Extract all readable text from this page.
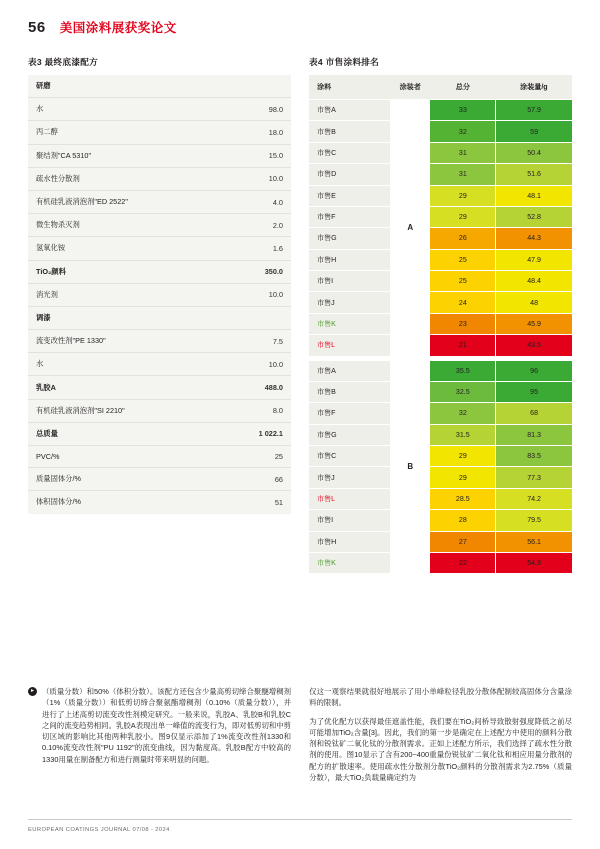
56 美国涂料展获奖论文
表3 最终底漆配方
研磨	
水	98.0
丙二醇	18.0
聚结剂"CA 5310"	15.0
疏水性分散剂	10.0
有机硅乳液消泡剂"ED 2522"	4.0
微生物杀灭剂	2.0
氢氧化铵	1.6
TiO₂颜料	350.0
消光剂	10.0
调漆	
流变改性剂"PE 1330"	7.5
水	10.0
乳胶A	488.0
有机硅乳液消泡剂"SI 2210"	8.0
总质量	1 022.1
PVC/%	25
质量固体分/%	66
体积固体分/%	51
表4 市售涂料排名
涂料	涂装者	总分	涂装量/g
市售A	A	33	57.9
市售B		32	59
市售C		31	50.4
市售D		31	51.6
市售E		29	48.1
市售F		29	52.8
市售G		26	44.3
市售H		25	47.9
市售I		25	48.4
市售J		24	48
市售K		23	45.9
市售L		21	43.6

市售A	B	35.5	96
市售B		32.5	95
市售F		32	68
市售G		31.5	81.3
市售C		29	83.5
市售J		29	77.3
市售L		28.5	74.2
市售I		28	79.5
市售H		27	56.1
市售K		22	54.9
▸	（质量分数）和50%（体积分数）。该配方还包含少量高剪切缔合聚醚增稠剂（1%（质量分数））和低剪切缔合聚氨酯增稠剂（0.10%（质量分数）），并进行了上述高剪切流变改性剂模定研究。一般来说，乳胶A、乳胶B和乳胶C之间的流变趋势相同。乳胶A表现出单一峰值的流变行为，即对低剪切和中剪切区域的影响比其他两种乳胶小。图9仅显示添加了1%流变改性剂1330和0.10%流变改性剂"PU 1192"的流变曲线，因为黏度高。乳胶B配方中较高的1330用量在制备配方和进行测量时带来明显的问题。

仅这一观察结果就很好地展示了用小单峰粒径乳胶分散体配制较高固体分含量涂料的限制。

为了优化配方以获得最佳遮盖性能，我们要在TiO₂间桥导致散射强度降低之前尽可能增加TiO₂含量[3]。因此，我们的第一步是确定在上述配方中使用的颜料分散剂和锐钛矿二氧化钛的分散剂需求。正如上述配方所示，我们选择了疏水性分散剂的使用。图10显示了含有200~400重量份锐钛矿二氧化钛和相应用量分散剂的配方的扩散速率。使用疏水性分散剂分散TiO₂颜料的分散剂需求为2.75%（质量分数），最大TiO₂负载量确定约为

EUROPEAN COATINGS JOURNAL 07/08 - 2024
